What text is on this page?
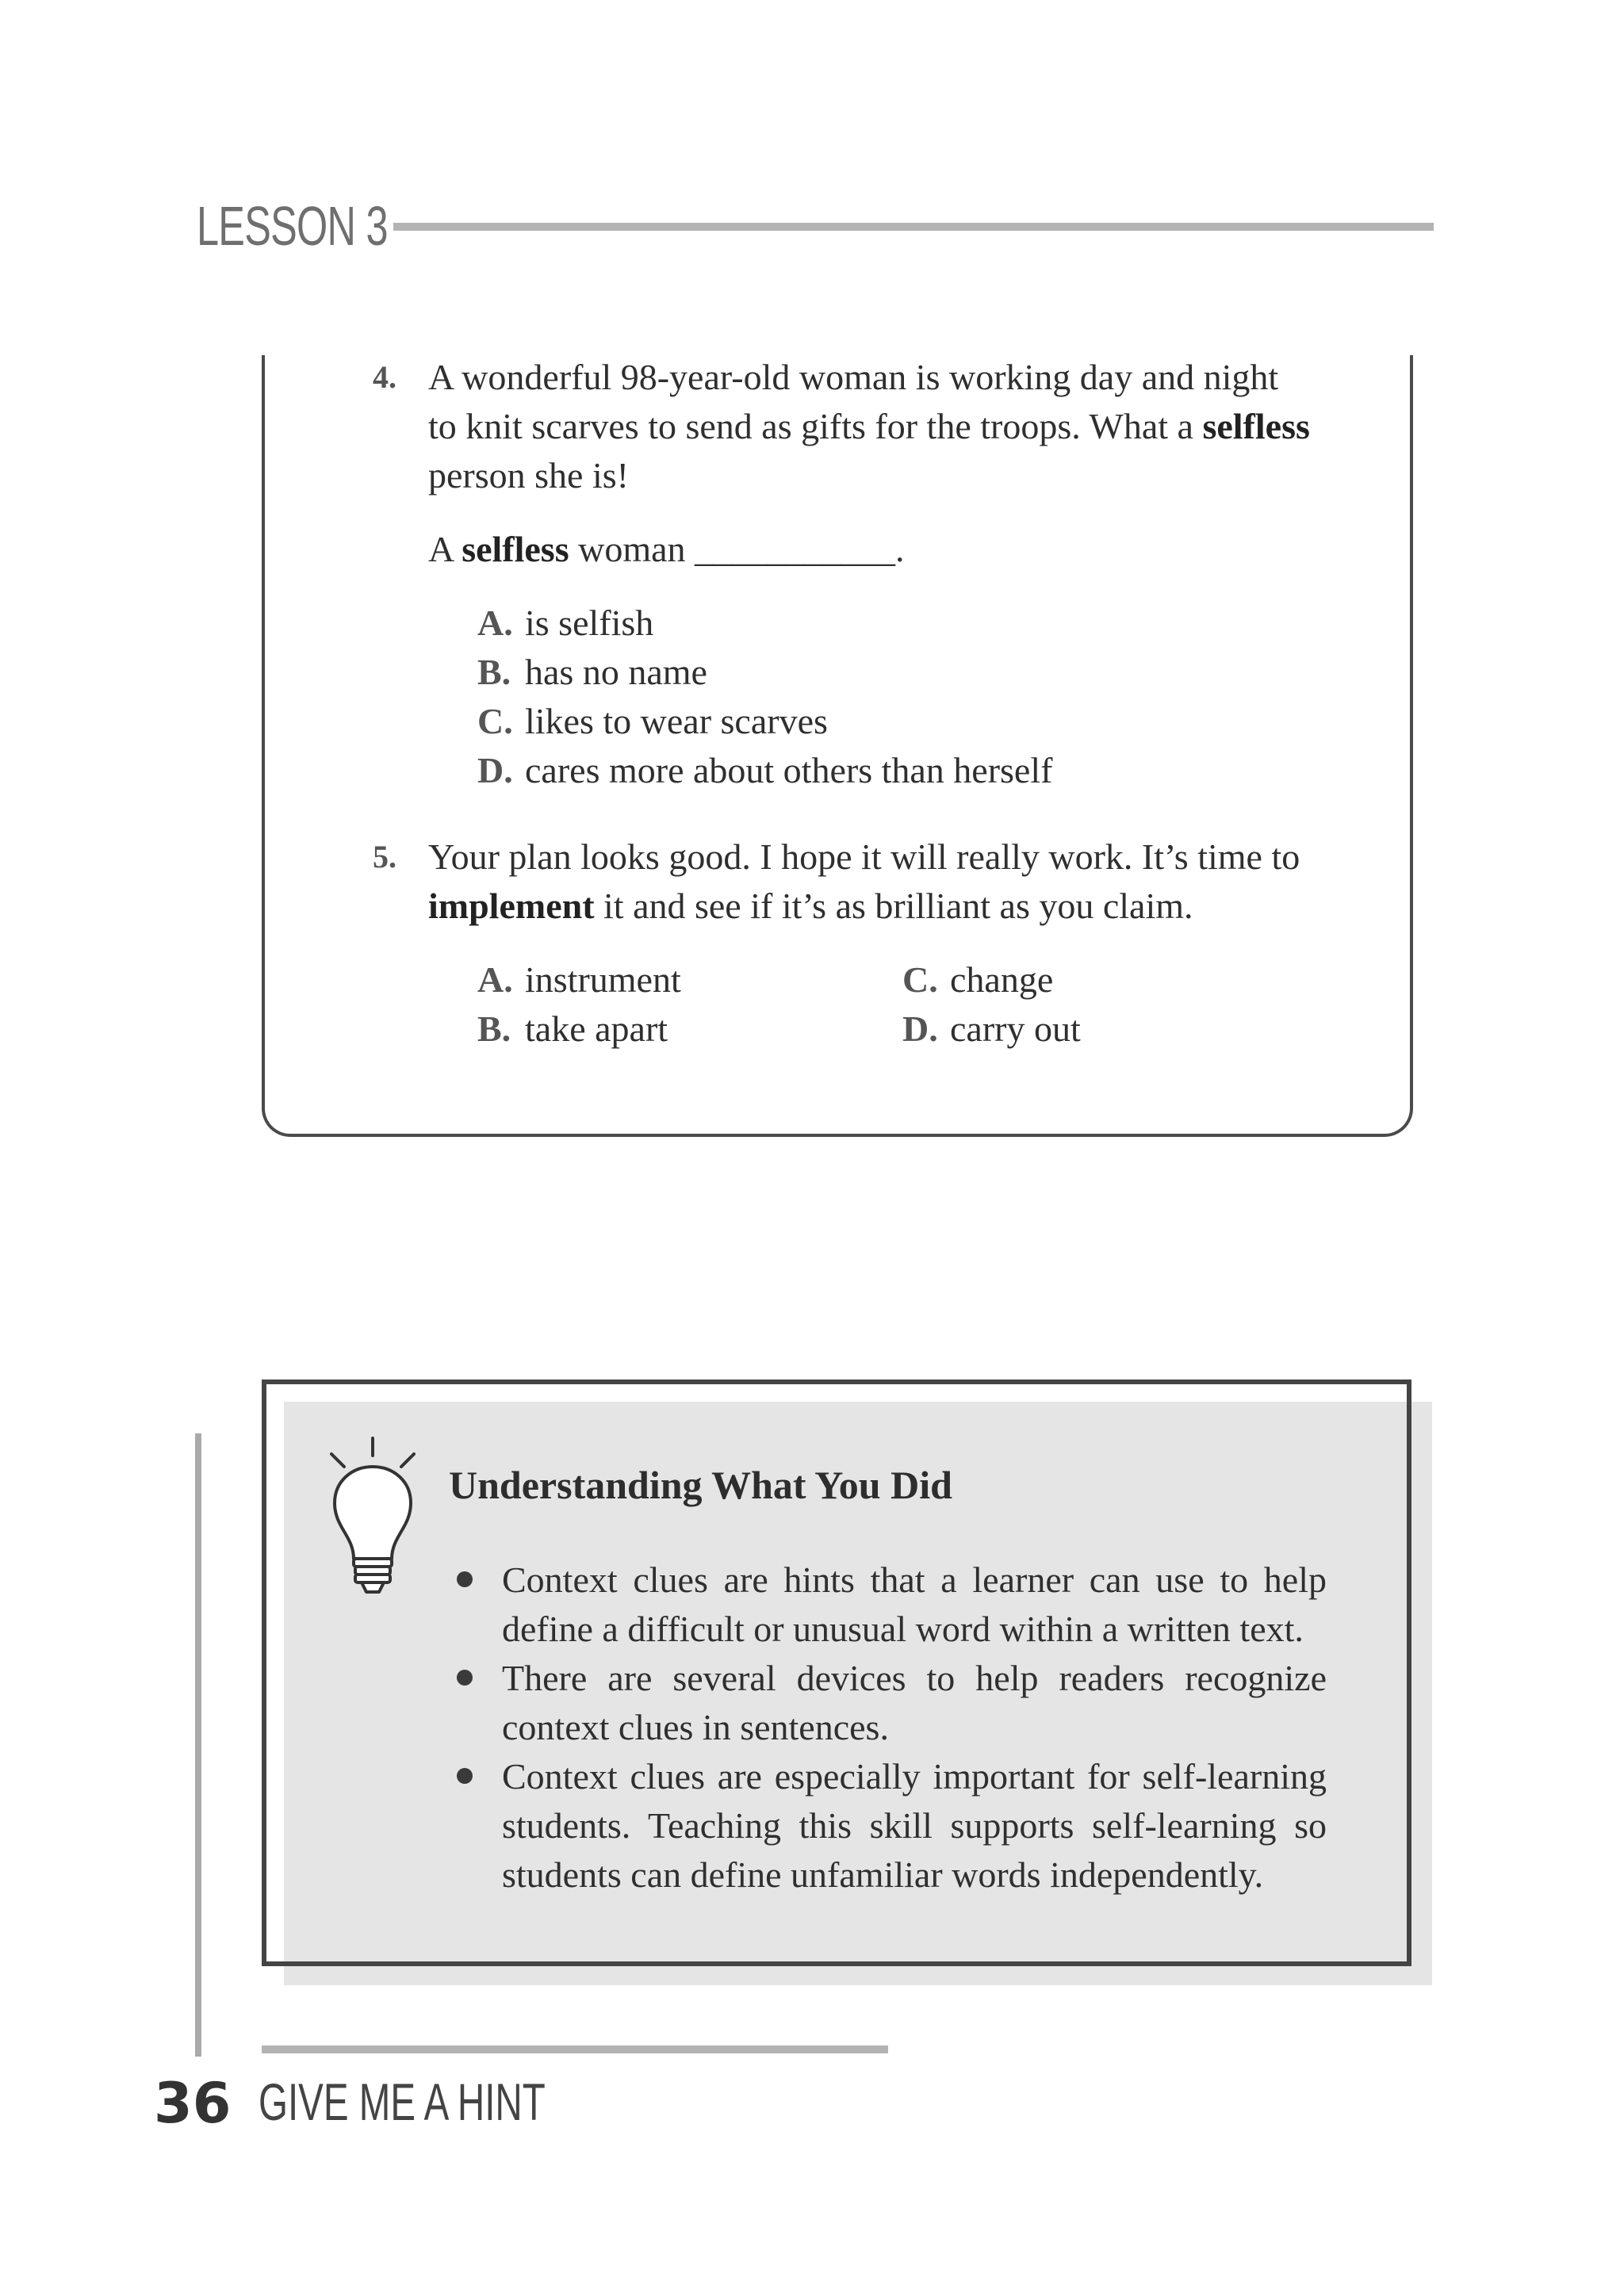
LESSON 3
4. A wonderful 98-year-old woman is working day and night
to knit scarves to send as gifts for the troops. What a selfless
person she is!
A selfless woman ___________.
A. is selfish
B. has no name
C. likes to wear scarves
D. cares more about others than herself
5. Your plan looks good. I hope it will really work. It’s time to
implement it and see if it’s as brilliant as you claim.
A. instrument
B. take apart
C. change
D. carry out
Understanding What You Did
Context clues are hints that a learner can use to help define a difficult or unusual word within a written text.
There are several devices to help readers recognize context clues in sentences.
Context clues are especially important for self-learning students. Teaching this skill supports self-learning so students can define unfamiliar words independently.
36 GIVE ME A HINT
